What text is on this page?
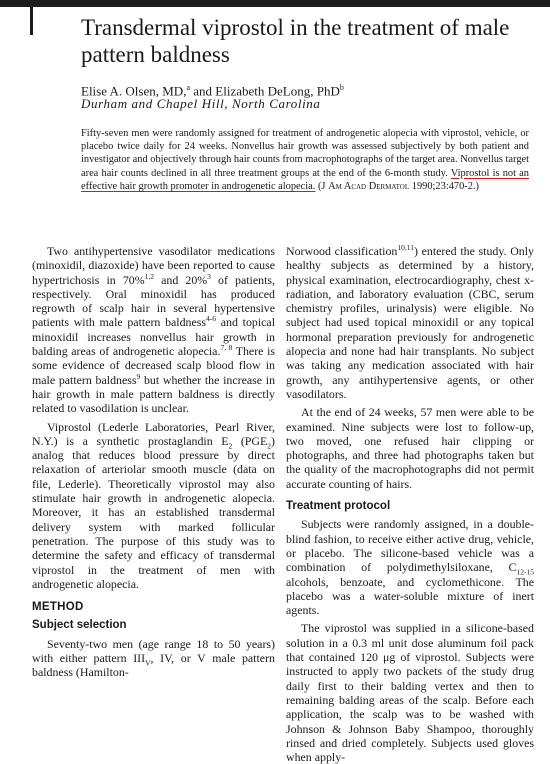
Transdermal viprostol in the treatment of male pattern baldness
Elise A. Olsen, MD,$^a$ and Elizabeth DeLong, PhD$^b$
Durham and Chapel Hill, North Carolina
Fifty-seven men were randomly assigned for treatment of androgenetic alopecia with viprostol, vehicle, or placebo twice daily for 24 weeks. Nonvellus hair growth was assessed subjectively by both patient and investigator and objectively through hair counts from macrophotographs of the target area. Nonvellus target area hair counts declined in all three treatment groups at the end of the 6-month study. Viprostol is not an effective hair growth promoter in androgenetic alopecia. (J Am Acad Dermatol 1990;23:470-2.)

Two antihypertensive vasodilator medications (minoxidil, diazoxide) have been reported to cause hypertrichosis in 70%$^{1,2}$ and 20%$^3$ of patients, respectively. Oral minoxidil has produced regrowth of scalp hair in several hypertensive patients with male pattern baldness$^{4-6}$ and topical minoxidil increases nonvellus hair growth in balding areas of androgenetic alopecia.$^{7, 8}$ There is some evidence of decreased scalp blood flow in male pattern baldness$^9$ but whether the increase in hair growth in male pattern baldness is directly related to vasodilation is unclear.

Viprostol (Lederle Laboratories, Pearl River, N.Y.) is a synthetic prostaglandin $E_2$ $(PGE_2)$ analog that reduces blood pressure by direct relaxation of arteriolar smooth muscle (data on file, Lederle). Theoretically viprostol may also stimulate hair growth in androgenetic alopecia. Moreover, it has an established transdermal delivery system with marked follicular penetration. The purpose of this study was to determine the safety and efficacy of transdermal viprostol in the treatment of men with androgenetic alopecia.

METHOD
Subject selection

Seventy-two men (age range 18 to 50 years) with either pattern $III_V$, IV, or V male pattern baldness (Hamilton-

Norwood classification$^{10,11}$) entered the study. Only healthy subjects as determined by a history, physical examination, electrocardiography, chest x-radiation, and laboratory evaluation (CBC, serum chemistry profiles, urinalysis) were eligible. No subject had used topical minoxidil or any topical hormonal preparation previously for androgenetic alopecia and none had hair transplants. No subject was taking any medication associated with hair growth, any antihypertensive agents, or other vasodilators.

At the end of 24 weeks, 57 men were able to be examined. Nine subjects were lost to follow-up, two moved, one refused hair clipping or photographs, and three had photographs taken but the quality of the macrophotographs did not permit accurate counting of hairs.

Treatment protocol

Subjects were randomly assigned, in a double-blind fashion, to receive either active drug, vehicle, or placebo. The silicone-based vehicle was a combination of polydimethylsiloxane, $C_{12-15}$ alcohols, benzoate, and cyclomethicone. The placebo was a water-soluble mixture of inert agents.

The viprostol was supplied in a silicone-based solution in a 0.3 ml unit dose aluminum foil pack that contained 120 μg of viprostol. Subjects were instructed to apply two packets of the study drug daily first to their balding vertex and then to remaining balding areas of the scalp. Before each application, the scalp was to be washed with Johnson & Johnson Baby Shampoo, thoroughly rinsed and dried completely. Subjects used gloves when apply-
